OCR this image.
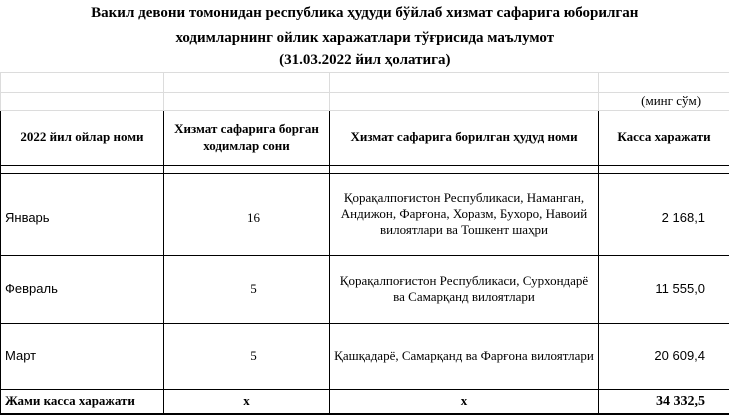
Вакил девони томонидан республика ҳудуди бўйлаб хизмат сафарига юборилган			
ходимларнинг ойлик харажатлари тўғрисида маълумот			
(31.03.2022 йил ҳолатига)			

			(минг сўм)
2022 йил ойлар номи	Хизмат сафарига борган ходимлар сони	Хизмат сафарига борилган ҳудуд номи	Касса харажати

Январь	16	Қорақалпоғистон Республикаси, Наманган, Андижон, Фарғона, Хоразм, Бухоро, Навоий вилоятлари ва Тошкент шаҳри	2 168,1
Февраль	5	Қорақалпоғистон Республикаси, Сурхондарё ва Самарқанд вилоятлари	11 555,0
Март	5	Қашқадарё, Самарқанд ва Фарғона вилоятлари	20 609,4
Жами касса харажати	x	x	34 332,5
